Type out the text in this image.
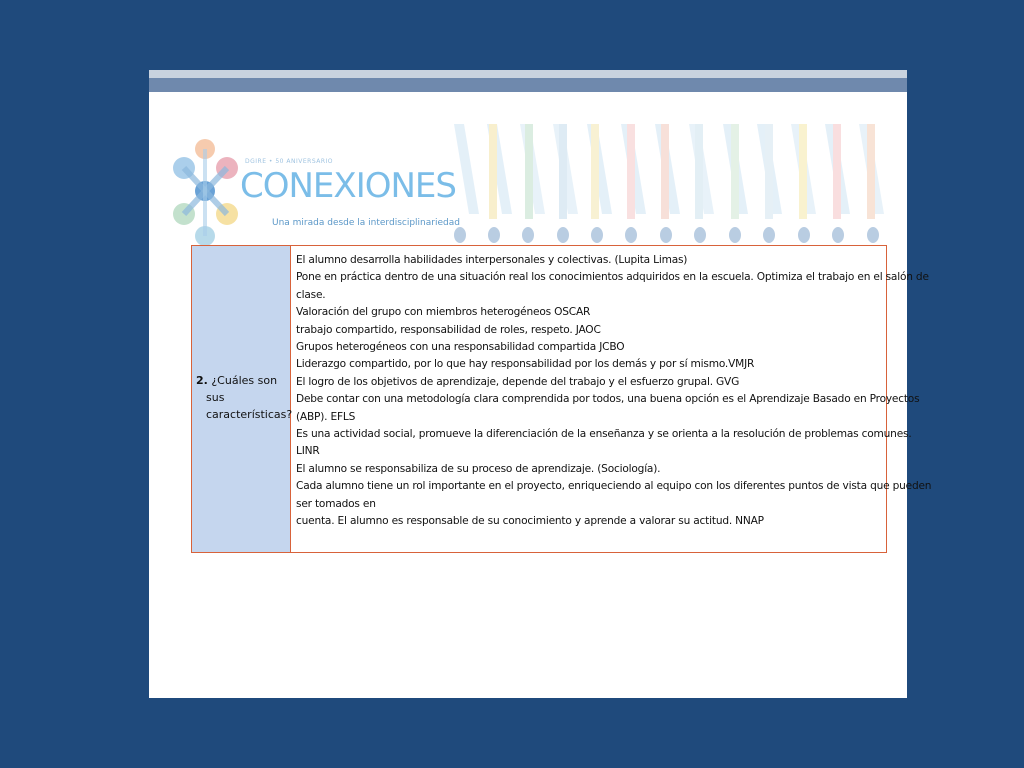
DGIRE • 50 ANIVERSARIO
CONEXIONES
Una mirada desde la interdisciplinariedad
2. ¿Cuáles son
sus
características?

El alumno desarrolla habilidades interpersonales y colectivas. (Lupita Limas)

Pone en práctica dentro de una situación real los conocimientos adquiridos en la escuela. Optimiza el trabajo en el salón de

clase.

Valoración del grupo con miembros heterogéneos OSCAR

trabajo compartido, responsabilidad de roles, respeto. JAOC

Grupos heterogéneos con una responsabilidad compartida JCBO

Liderazgo compartido, por lo que hay responsabilidad por los demás y por sí mismo.VMJR

El logro de los objetivos de aprendizaje, depende del trabajo y el esfuerzo grupal. GVG

Debe contar con una metodología clara comprendida por todos, una buena opción es el Aprendizaje Basado en Proyectos

(ABP). EFLS

Es una actividad social, promueve la diferenciación de la enseñanza y se orienta a la resolución de problemas comunes.

LINR

El alumno se responsabiliza de su proceso de aprendizaje. (Sociología).

Cada alumno tiene un rol importante en el proyecto, enriqueciendo al equipo con los diferentes puntos de vista que pueden

ser tomados en

cuenta. El alumno es responsable de su conocimiento y aprende a valorar su actitud. NNAP
